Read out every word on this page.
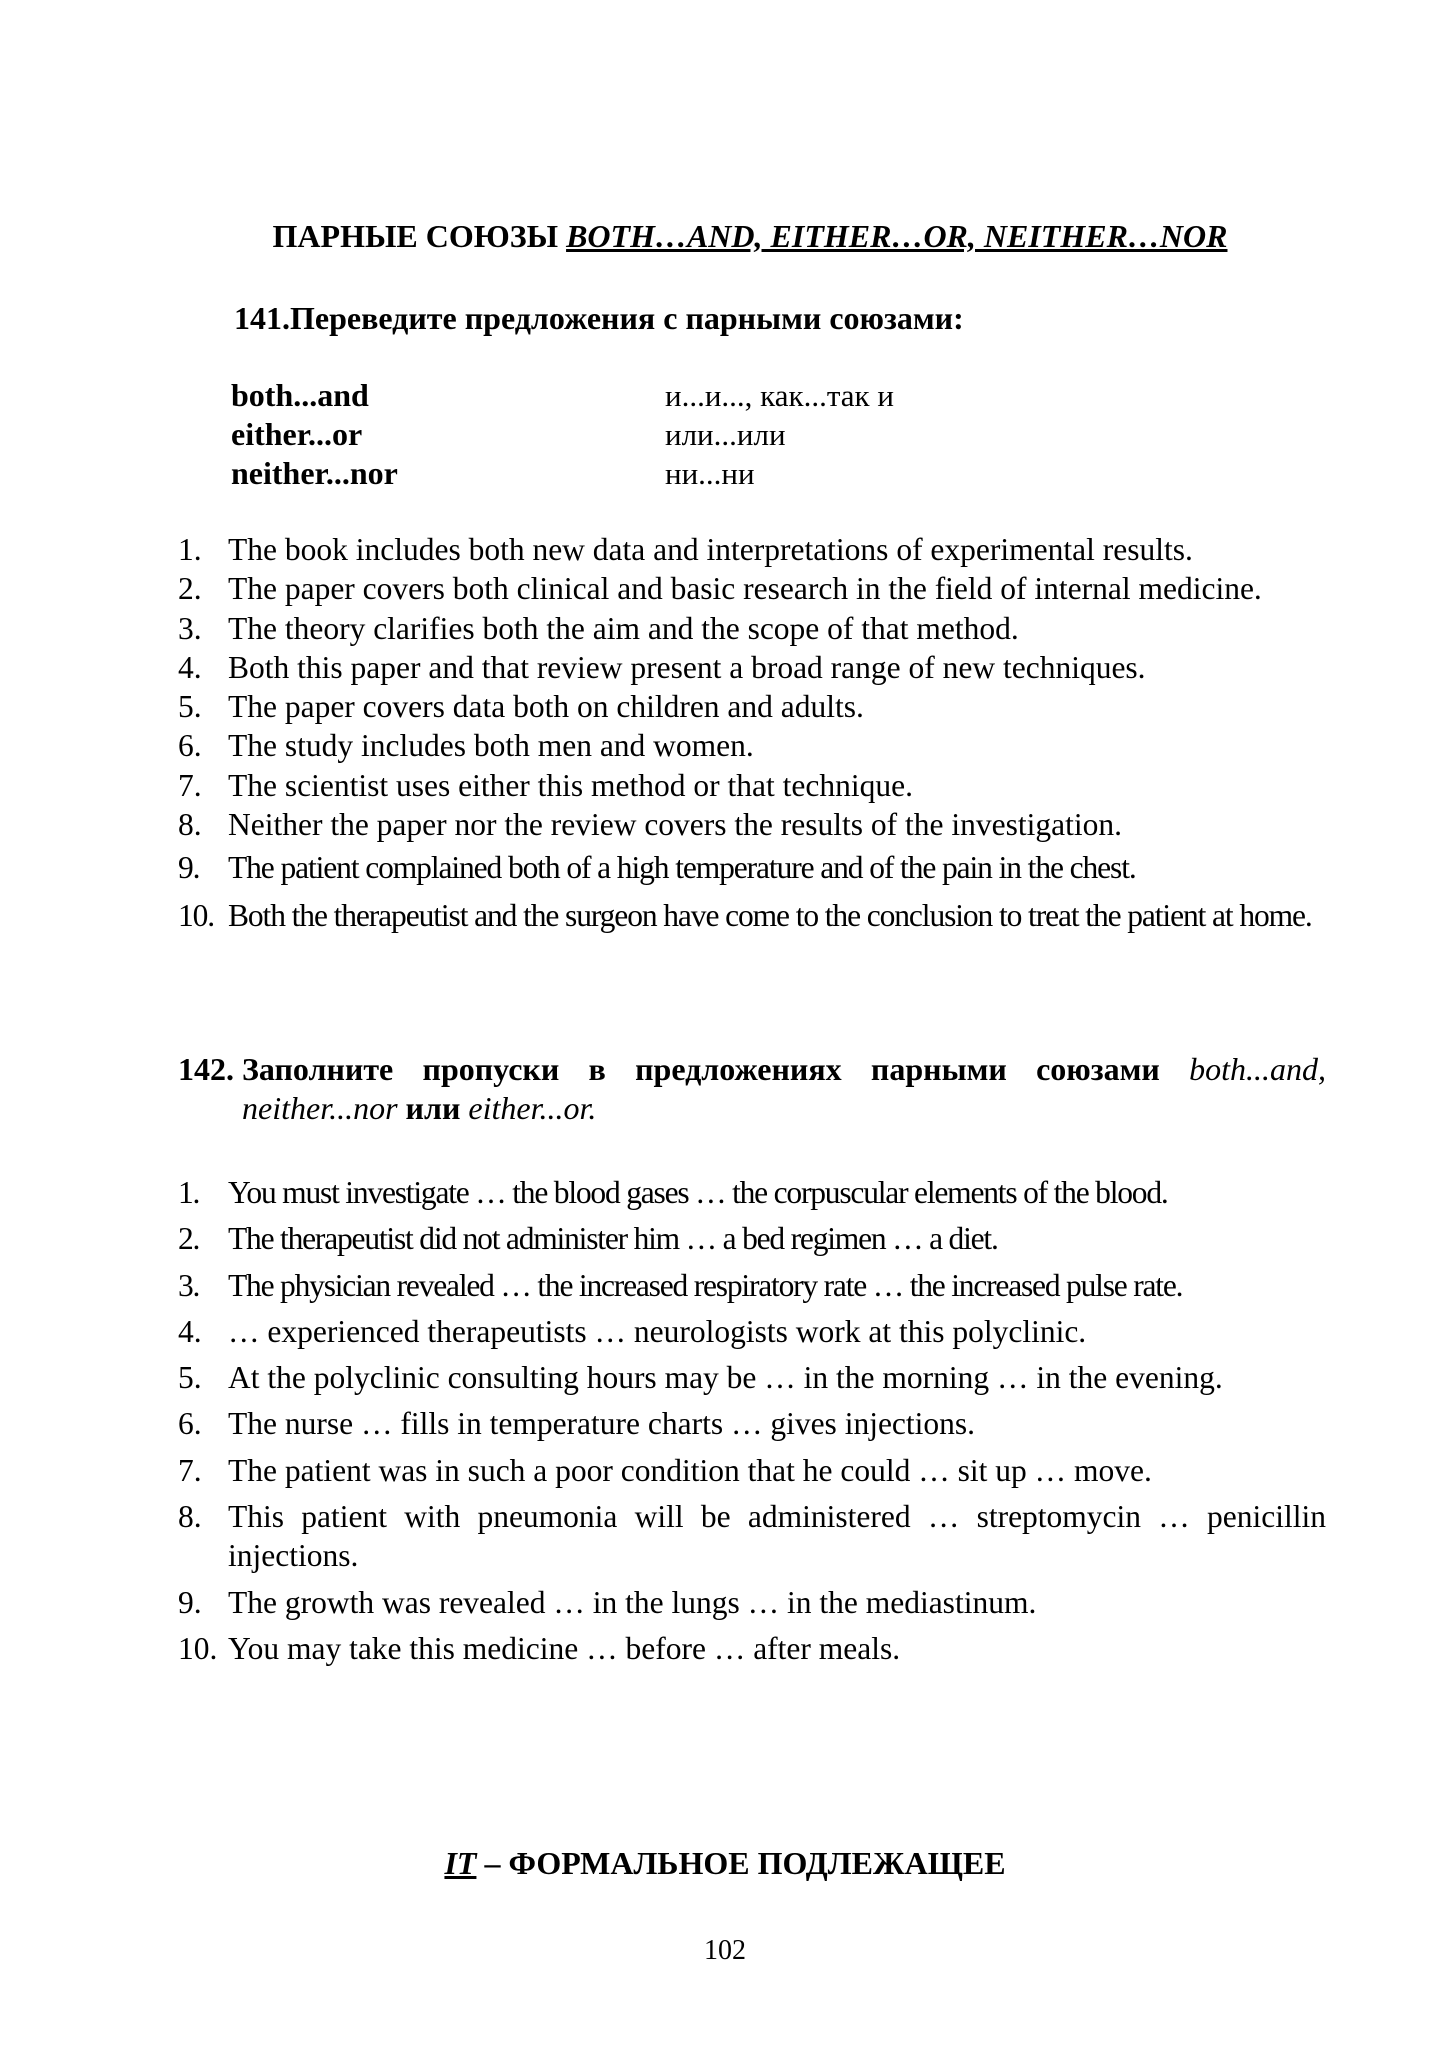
ПАРНЫЕ СОЮЗЫ BOTH…AND, EITHER…OR, NEITHER…NOR
141.Переведите предложения с парными союзами:
both...and	и...и..., как...так и
either...or	или...или
neither...nor	ни...ни
1. The book includes both new data and interpretations of experimental results.
2. The paper covers both clinical and basic research in the field of internal medicine.
3. The theory clarifies both the aim and the scope of that method.
4. Both this paper and that review present a broad range of new techniques.
5. The paper covers data both on children and adults.
6. The study includes both men and women.
7. The scientist uses either this method or that technique.
8. Neither the paper nor the review covers the results of the investigation.
9. The patient complained both of a high temperature and of the pain in the chest.
10. Both the therapeutist and the surgeon have come to the conclusion to treat the patient at home.
142. Заполните пропуски в предложениях парными союзами both...and, neither...nor или either...or.
1. You must investigate … the blood gases … the corpuscular elements of the blood.
2. The therapeutist did not administer him … a bed regimen … a diet.
3. The physician revealed … the increased respiratory rate … the increased pulse rate.
4. … experienced therapeutists … neurologists work at this polyclinic.
5. At the polyclinic consulting hours may be … in the morning … in the evening.
6. The nurse … fills in temperature charts … gives injections.
7. The patient was in such a poor condition that he could … sit up … move.
8. This patient with pneumonia will be administered … streptomycin … penicillin injections.
9. The growth was revealed … in the lungs … in the mediastinum.
10. You may take this medicine … before … after meals.
IT – ФОРМАЛЬНОЕ ПОДЛЕЖАЩЕЕ
102
